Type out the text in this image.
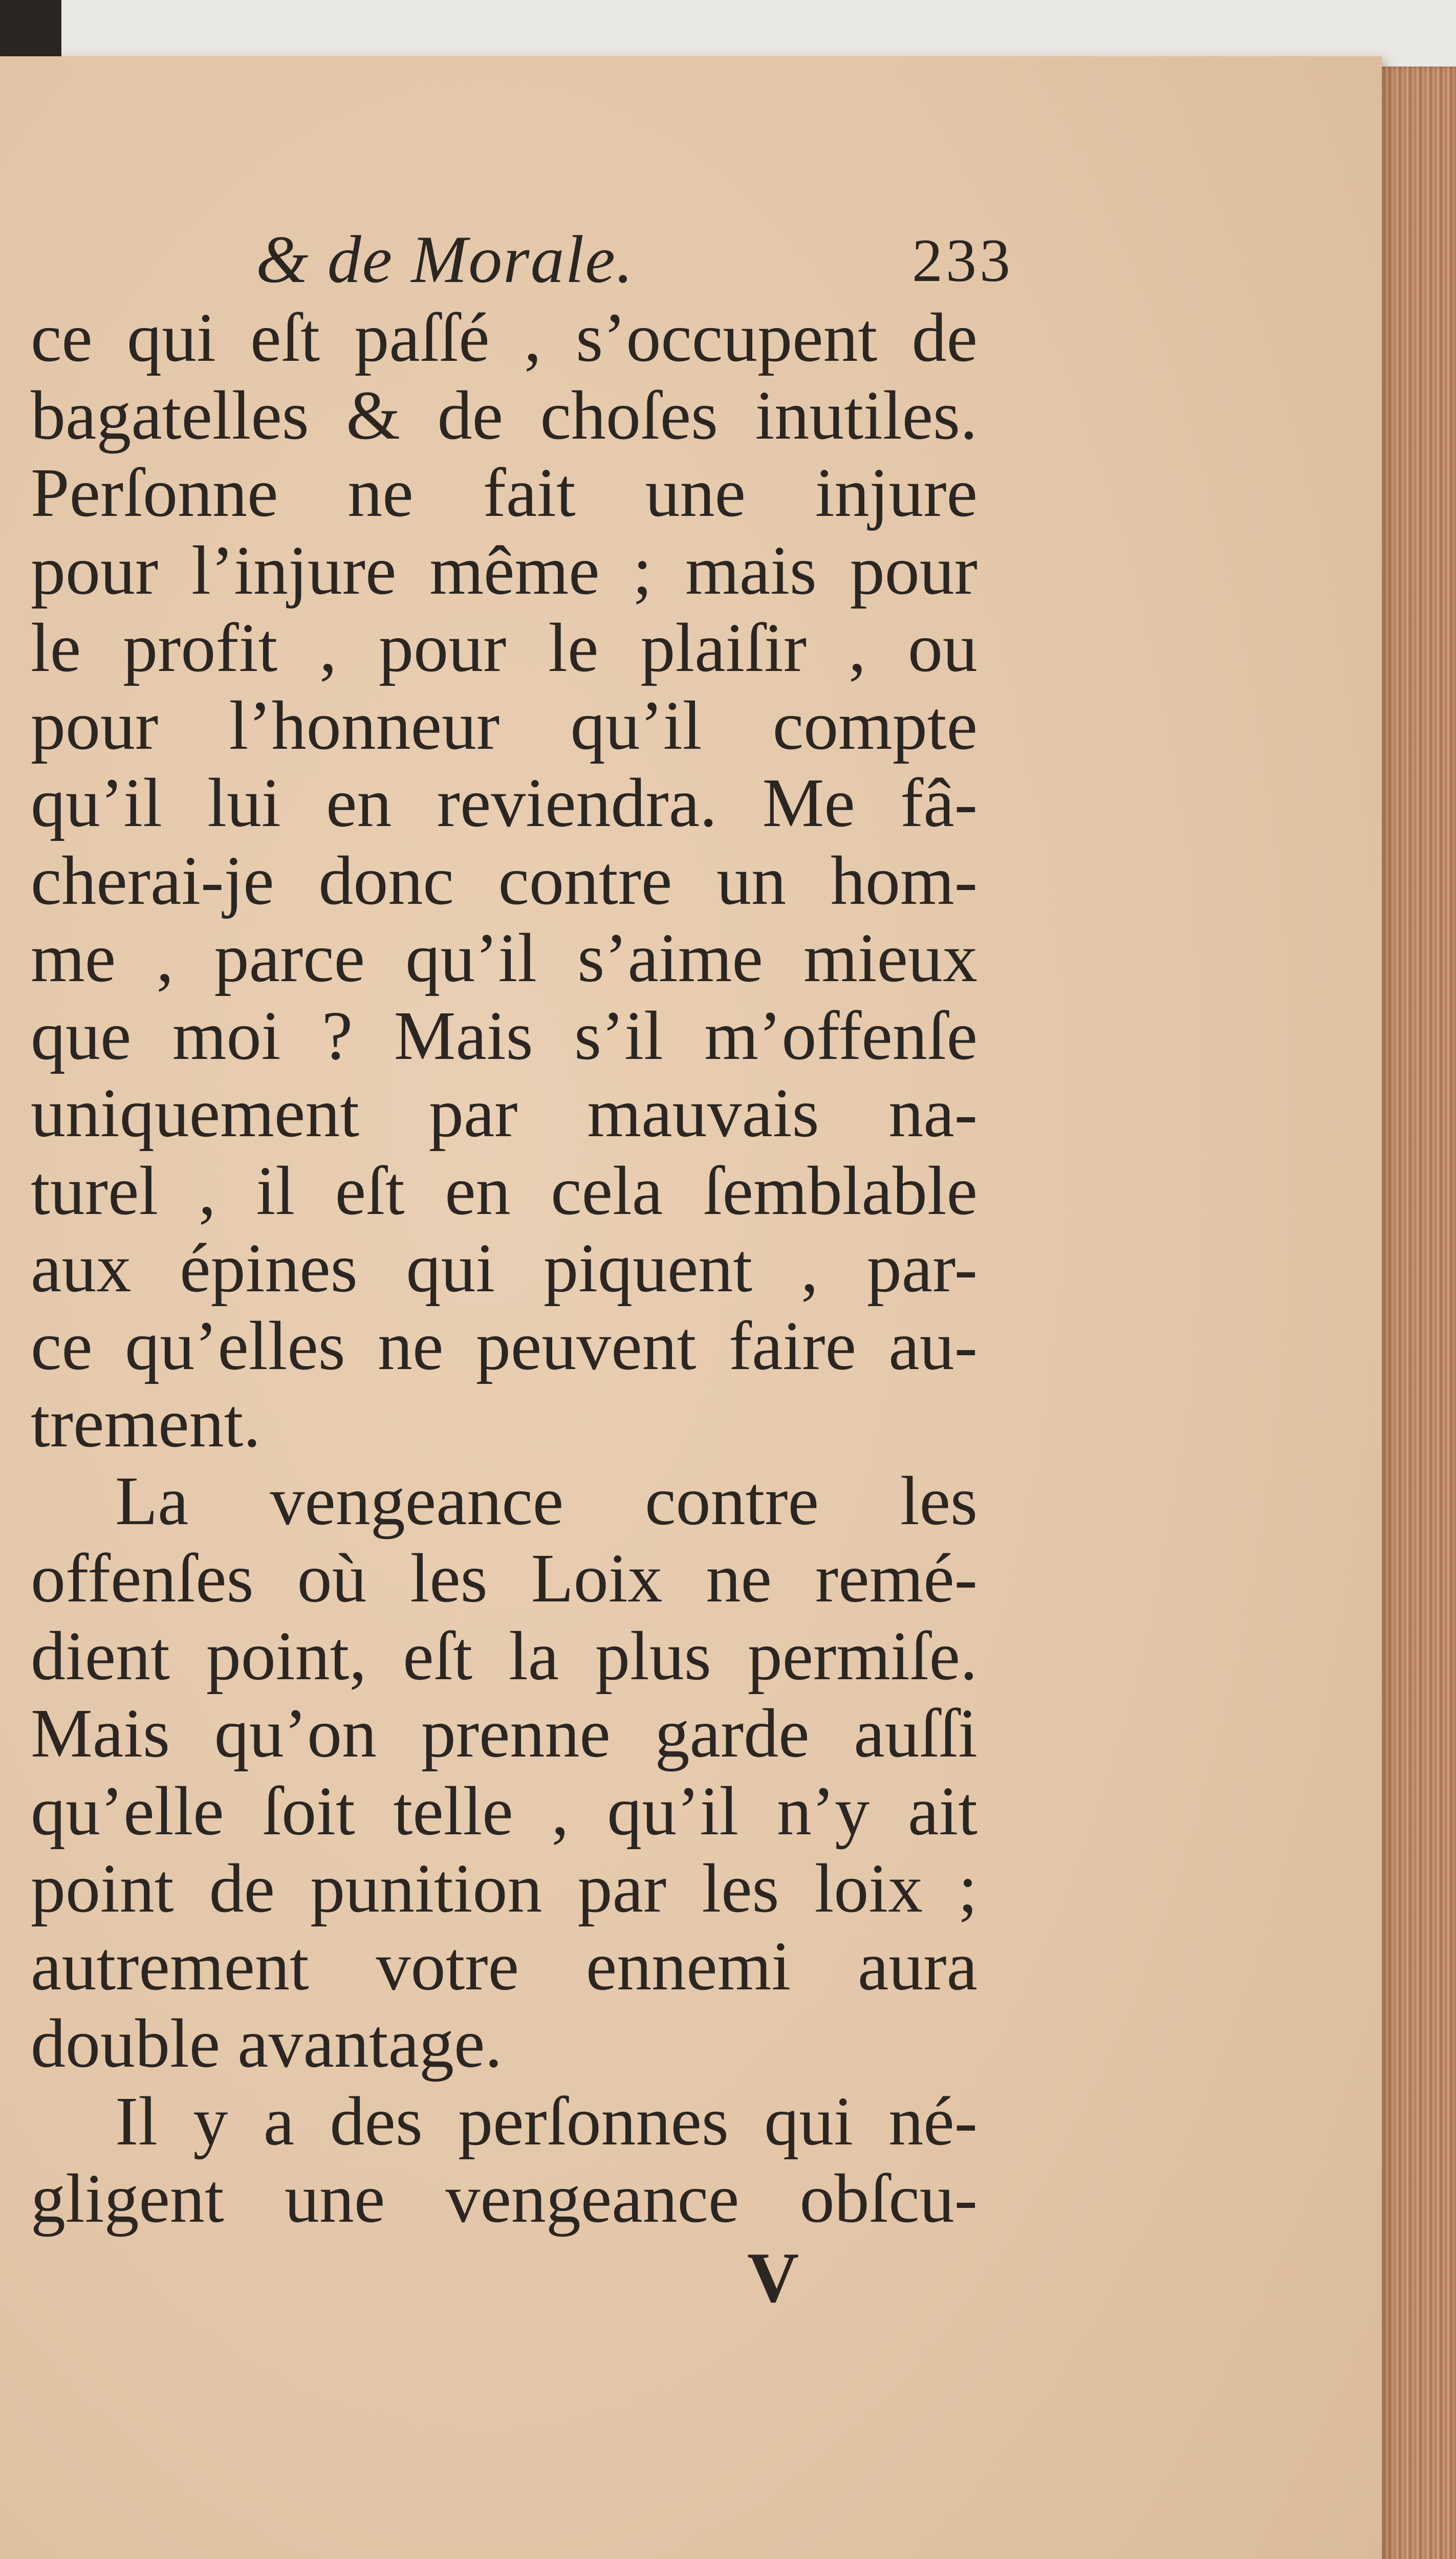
& de Morale.	233
ce qui eſt paſſé , s’occupent de
bagatelles & de choſes inutiles.
Perſonne ne fait une injure
pour l’injure même ; mais pour
le profit , pour le plaiſir , ou
pour l’honneur qu’il compte
qu’il lui en reviendra. Me fâ-
cherai-je donc contre un hom-
me , parce qu’il s’aime mieux
que moi ? Mais s’il m’offenſe
uniquement par mauvais na-
turel , il eſt en cela ſemblable
aux épines qui piquent , par-
ce qu’elles ne peuvent faire au-
trement.
La vengeance contre les
offenſes où les Loix ne remé-
dient point, eſt la plus permiſe.
Mais qu’on prenne garde auſſi
qu’elle ſoit telle , qu’il n’y ait
point de punition par les loix ;
autrement votre ennemi aura
double avantage.
Il y a des perſonnes qui né-
gligent une vengeance obſcu-
V
